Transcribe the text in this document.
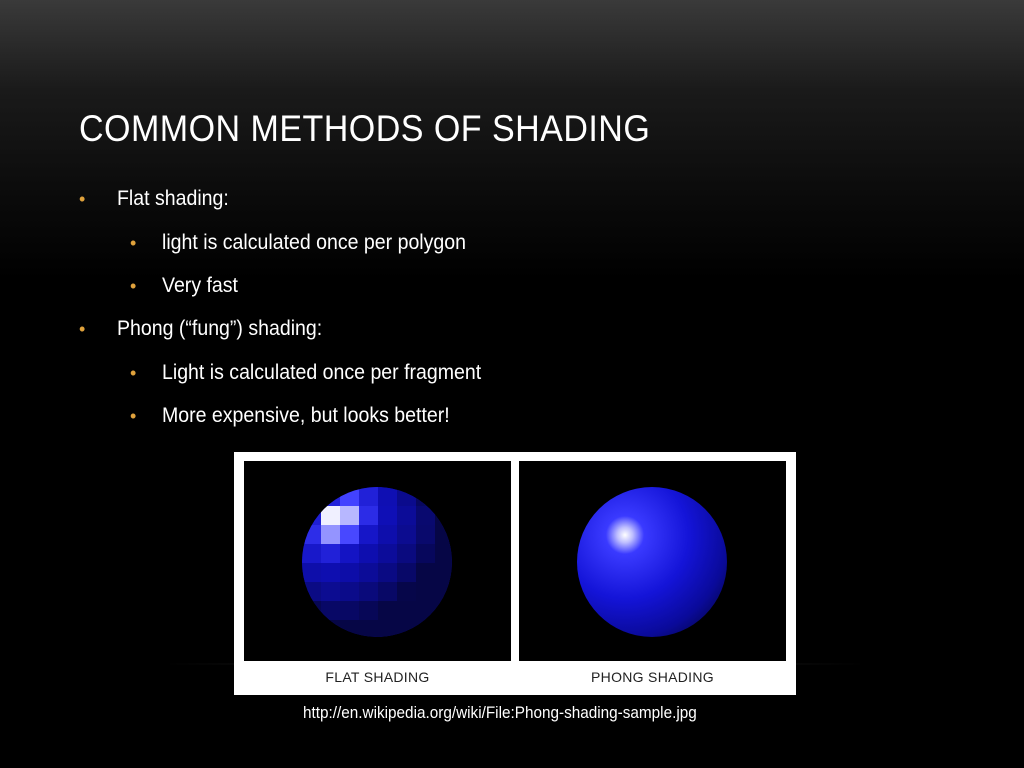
COMMON METHODS OF SHADING
• Flat shading:
• light is calculated once per polygon
• Very fast
• Phong (“fung”) shading:
• Light is calculated once per fragment
• More expensive, but looks better!
FLAT SHADING	PHONG SHADING
http://en.wikipedia.org/wiki/File:Phong-shading-sample.jpg
